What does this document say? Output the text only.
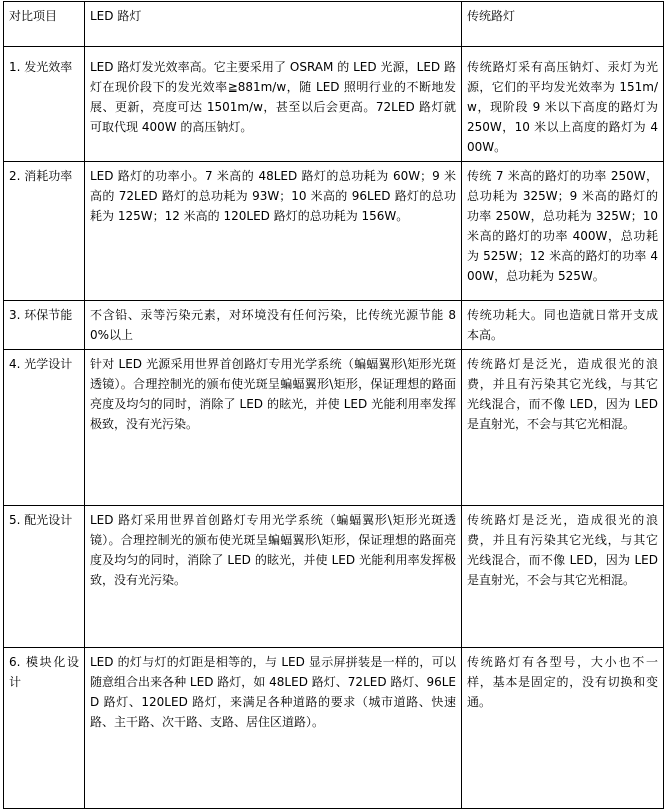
对比项目	LED 路灯	传统路灯
1. 发光效率	LED 路灯发光效率高。它主要采用了 OSRAM 的 LED 光源，LED 路灯在现价段下的发光效率≧881m/w，随 LED 照明行业的不断地发展、更新，亮度可达 1501m/w，甚至以后会更高。72LED 路灯就可取代现 400W 的高压钠灯。	传统路灯采有高压钠灯、汞灯为光源，它们的平均发光效率为 151m/w，现阶段 9 米以下高度的路灯为 250W，10 米以上高度的路灯为 400W。
2. 消耗功率	LED 路灯的功率小。7 米高的 48LED 路灯的总功耗为 60W；9 米高的 72LED 路灯的总功耗为 93W；10 米高的 96LED 路灯的总功耗为 125W；12 米高的 120LED 路灯的总功耗为 156W。	传统 7 米高的路灯的功率 250W，总功耗为 325W；9 米高的路灯的功率 250W，总功耗为 325W；10 米高的路灯的功率 400W，总功耗为 525W；12 米高的路灯的功率 400W，总功耗为 525W。
3. 环保节能	不含铅、汞等污染元素，对环境没有任何污染，比传统光源节能 80%以上	传统功耗大。同也造就日常开支成本高。
4. 光学设计	针对 LED 光源采用世界首创路灯专用光学系统（蝙蝠翼形\矩形光斑透镜）。合理控制光的颁布使光斑呈蝙蝠翼形\矩形，保证理想的路面亮度及均匀的同时，消除了 LED 的眩光，并使 LED 光能利用率发挥极致，没有光污染。	传统路灯是泛光，造成很光的浪费，并且有污染其它光线，与其它光线混合，而不像 LED，因为 LED 是直射光，不会与其它光相混。
5. 配光设计	LED 路灯采用世界首创路灯专用光学系统（蝙蝠翼形\矩形光斑透镜）。合理控制光的颁布使光斑呈蝙蝠翼形\矩形，保证理想的路面亮度及均匀的同时，消除了 LED 的眩光，并使 LED 光能利用率发挥极致，没有光污染。	传统路灯是泛光，造成很光的浪费，并且有污染其它光线，与其它光线混合，而不像 LED，因为 LED 是直射光，不会与其它光相混。
6. 模块化设计	LED 的灯与灯的灯距是相等的，与 LED 显示屏拼装是一样的，可以随意组合出来各种 LED 路灯，如 48LED 路灯、72LED 路灯、96LED 路灯、120LED 路灯，来满足各种道路的要求（城市道路、快速路、主干路、次干路、支路、居住区道路）。	传统路灯有各型号，大小也不一样，基本是固定的，没有切换和变通。
